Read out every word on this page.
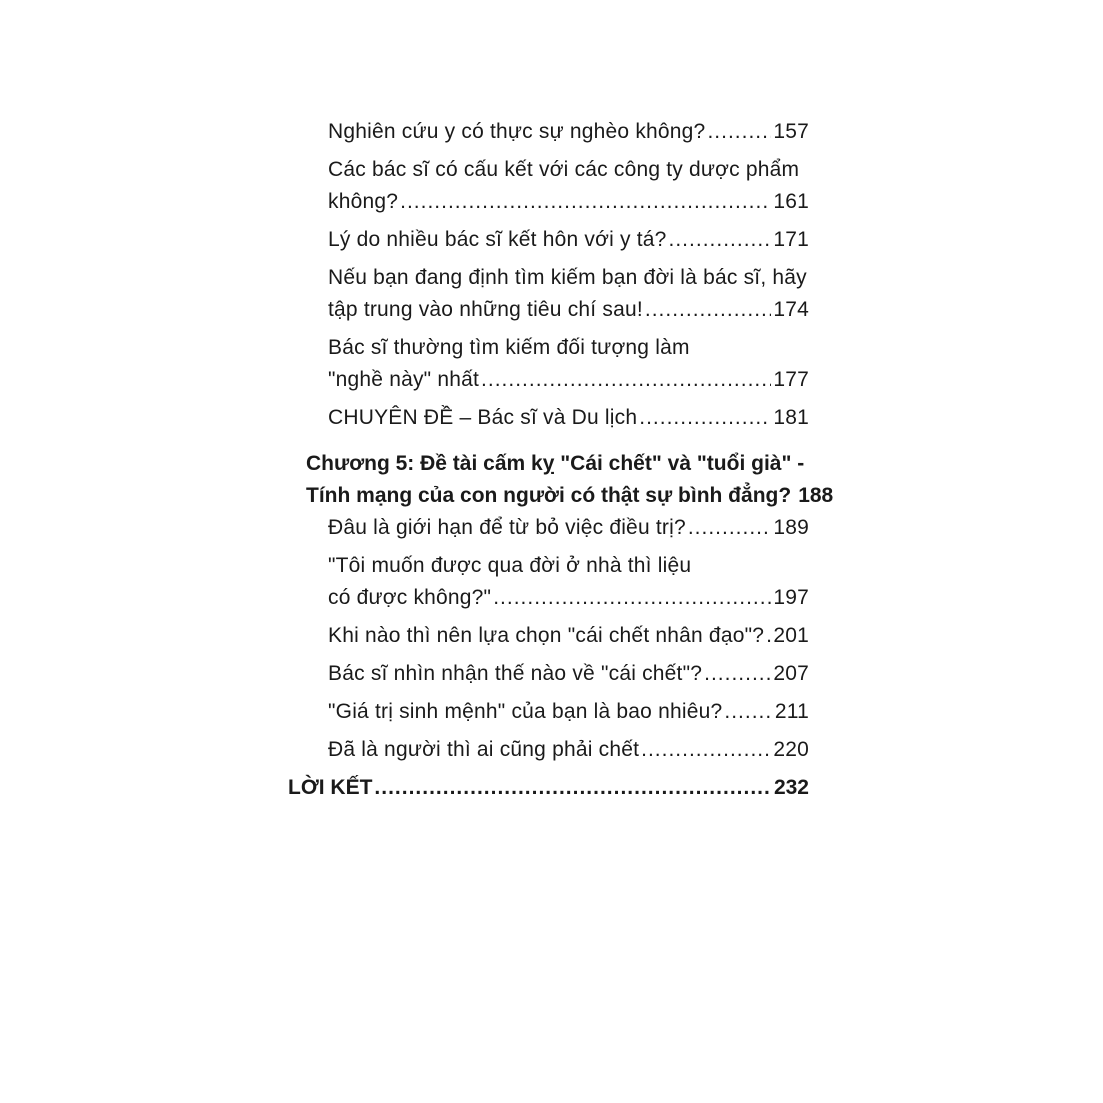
Nghiên cứu y có thực sự nghèo không? .....	157
Các bác sĩ có cấu kết với các công ty dược phẩm
không? .....	161
Lý do nhiều bác sĩ kết hôn với y tá? .....	171
Nếu bạn đang định tìm kiếm bạn đời là bác sĩ, hãy
tập trung vào những tiêu chí sau! .....	174
Bác sĩ thường tìm kiếm đối tượng làm
"nghề này" nhất .....	177
CHUYÊN ĐỀ – Bác sĩ và Du lịch .....	181
Chương 5: Đề tài cấm kỵ "Cái chết" và "tuổi già" -
Tính mạng của con người có thật sự bình đẳng? 188
Đâu là giới hạn để từ bỏ việc điều trị? .....	189
"Tôi muốn được qua đời ở nhà thì liệu
có được không?" .....	197
Khi nào thì nên lựa chọn "cái chết nhân đạo"? ..... 201
Bác sĩ nhìn nhận thế nào về "cái chết"? .....	207
"Giá trị sinh mệnh" của bạn là bao nhiêu? .....	211
Đã là người thì ai cũng phải chết .....	220
LỜI KẾT .....	232
